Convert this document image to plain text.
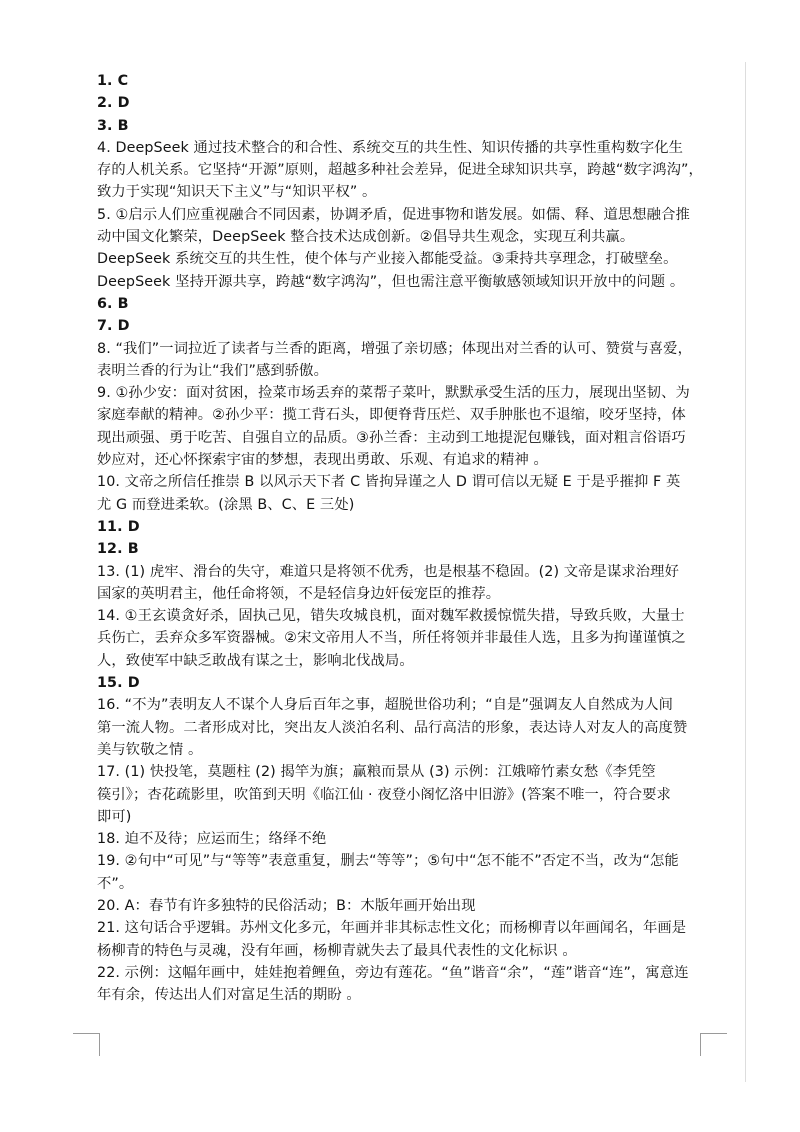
1. C
2. D
3. B
4. DeepSeek 通过技术整合的和合性、系统交互的共生性、知识传播的共享性重构数字化生
存的人机关系。它坚持“开源”原则，超越多种社会差异，促进全球知识共享，跨越“数字鸿沟”，
致力于实现“知识天下主义”与“知识平权” 。
5. ①启示人们应重视融合不同因素，协调矛盾，促进事物和谐发展。如儒、释、道思想融合推
动中国文化繁荣，DeepSeek 整合技术达成创新。②倡导共生观念，实现互利共赢。
DeepSeek 系统交互的共生性，使个体与产业接入都能受益。③秉持共享理念，打破壁垒。
DeepSeek 坚持开源共享，跨越“数字鸿沟”，但也需注意平衡敏感领域知识开放中的问题 。
6. B
7. D
8. “我们”一词拉近了读者与兰香的距离，增强了亲切感；体现出对兰香的认可、赞赏与喜爱，
表明兰香的行为让“我们”感到骄傲。
9. ①孙少安：面对贫困，捡菜市场丢弃的菜帮子菜叶，默默承受生活的压力，展现出坚韧、为
家庭奉献的精神。②孙少平：揽工背石头，即便脊背压烂、双手肿胀也不退缩，咬牙坚持，体
现出顽强、勇于吃苦、自强自立的品质。③孙兰香：主动到工地提泥包赚钱，面对粗言俗语巧
妙应对，还心怀探索宇宙的梦想，表现出勇敢、乐观、有追求的精神 。
10. 文帝之所信任推崇 B 以风示天下者 C 皆拘异谨之人 D 谓可信以无疑 E 于是乎摧抑 F 英
尤 G 而登进柔软。(涂黑 B、C、E 三处)
11. D
12. B
13. (1) 虎牢、滑台的失守，难道只是将领不优秀，也是根基不稳固。(2) 文帝是谋求治理好
国家的英明君主，他任命将领，不是轻信身边奸佞宠臣的推荐。
14. ①王玄谟贪好杀，固执己见，错失攻城良机，面对魏军救援惊慌失措，导致兵败，大量士
兵伤亡，丢弃众多军资器械。②宋文帝用人不当，所任将领并非最佳人选，且多为拘谨谨慎之
人，致使军中缺乏敢战有谋之士，影响北伐战局。
15. D
16. “不为”表明友人不谋个人身后百年之事，超脱世俗功利；“自是”强调友人自然成为人间
第一流人物。二者形成对比，突出友人淡泊名利、品行高洁的形象，表达诗人对友人的高度赞
美与钦敬之情 。
17. (1) 快投笔，莫题柱 (2) 揭竿为旗；赢粮而景从 (3) 示例：江娥啼竹素女愁《李凭箜
篌引》；杏花疏影里，吹笛到天明《临江仙 · 夜登小阁忆洛中旧游》(答案不唯一，符合要求
即可)
18. 迫不及待；应运而生；络绎不绝
19. ②句中“可见”与“等等”表意重复，删去“等等”；⑤句中“怎不能不”否定不当，改为“怎能
不”。
20. A：春节有许多独特的民俗活动；B：木版年画开始出现
21. 这句话合乎逻辑。苏州文化多元，年画并非其标志性文化；而杨柳青以年画闻名，年画是
杨柳青的特色与灵魂，没有年画，杨柳青就失去了最具代表性的文化标识 。
22. 示例：这幅年画中，娃娃抱着鲤鱼，旁边有莲花。“鱼”谐音“余”，“莲”谐音“连”，寓意连
年有余，传达出人们对富足生活的期盼 。
